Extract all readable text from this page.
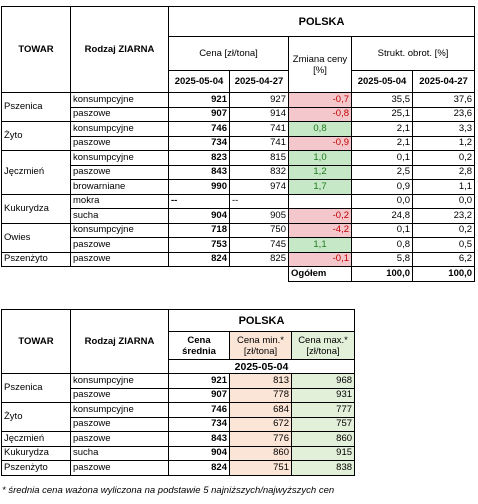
TOWAR	Rodzaj ZIARNA	POLSKA				
		Cena [zł/tona]		Zmiana ceny [%]	Strukt. obrot. [%]	
		2025-05-04	2025-04-27		2025-05-04	2025-04-27
Pszenica	konsumpcyjne	921	927	-0,7	35,5	37,6
	paszowe	907	914	-0,8	25,1	23,6
Żyto	konsumpcyjne	746	741	0,8	2,1	3,3
	paszowe	734	741	-0,9	2,1	1,2
Jęczmień	konsumpcyjne	823	815	1,0	0,1	0,2
	paszowe	843	832	1,2	2,5	2,8
	browarniane	990	974	1,7	0,9	1,1
Kukurydza	mokra	--	--		0,0	0,0
	sucha	904	905	-0,2	24,8	23,2
Owies	konsumpcyjne	718	750	-4,2	0,1	0,2
	paszowe	753	745	1,1	0,8	0,5
Pszenżyto	paszowe	824	825	-0,1	5,8	6,2
				Ogółem	100,0	100,0
TOWAR	Rodzaj ZIARNA	POLSKA		
		Cena średnia	Cena min.* [zł/tona]	Cena max.* [zł/tona]
		2025-05-04		
Pszenica	konsumpcyjne	921	813	968
	paszowe	907	778	931
Żyto	konsumpcyjne	746	684	777
	paszowe	734	672	757
Jęczmień	paszowe	843	776	860
Kukurydza	sucha	904	860	915
Pszenżyto	paszowe	824	751	838
* średnia cena ważona wyliczona na podstawie 5 najniższych/najwyższych cen
